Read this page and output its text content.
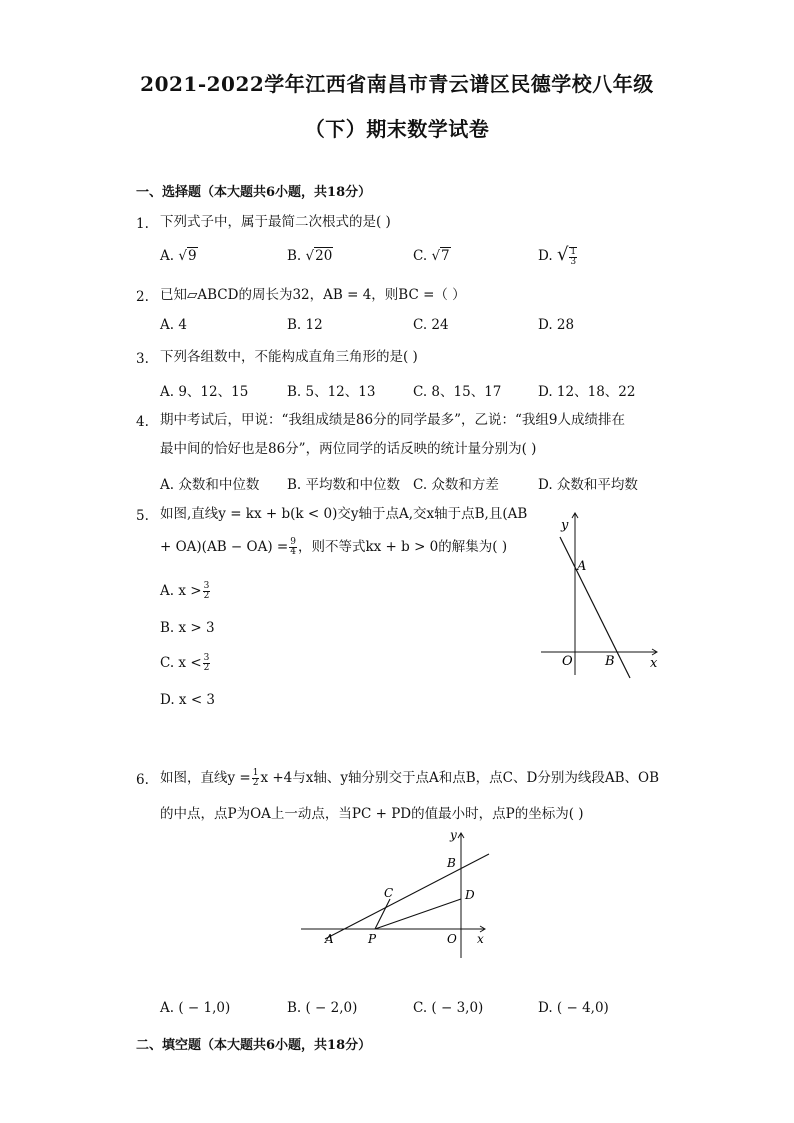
2021-2022学年江西省南昌市青云谱区民德学校八年级
（下）期末数学试卷
一、选择题（本大题共6小题，共18分）
1. 下列式子中，属于最简二次根式的是( )
A. √9	B. √20	C. √7	D. √ $\frac{1}{3}$
2. 已知▱ABCD的周长为32，AB = 4，则BC =（ ）
A. 4	B. 12	C. 24	D. 28
3. 下列各组数中，不能构成直角三角形的是( )
A. 9、12、15	B. 5、12、13	C. 8、15、17	D. 12、18、22
4. 期中考试后，甲说：“我组成绩是86分的同学最多”，乙说：“我组9人成绩排在
最中间的恰好也是86分”，两位同学的话反映的统计量分别为( )
A. 众数和中位数 B. 平均数和中位数 C. 众数和方差	D. 众数和平均数
5. 如图,直线y = kx + b(k < 0)交y轴于点A,交x轴于点B,且(AB
+ $OA)(AB - OA) = \frac{9}{4}$ ，则不等式kx + b > 0的解集为( )
A. $x > \frac{3}{2}$
B. x > 3
C. $x < \frac{3}{2}$
D. x < 3
y
x
A
O B
6. 如图，直线$y = \frac{1}{2}$ x +4与x轴、y轴分别交于点A和点B，点C、D分别为线段AB、OB
的中点，点P为OA上一动点，当PC + PD的值最小时，点P的坐标为( )
y
x
A	P	O
B
C	D
A. ( − 1,0)	B. ( − 2,0)	C. ( − 3,0)	D. ( − 4,0)
二、填空题（本大题共6小题，共18分）
